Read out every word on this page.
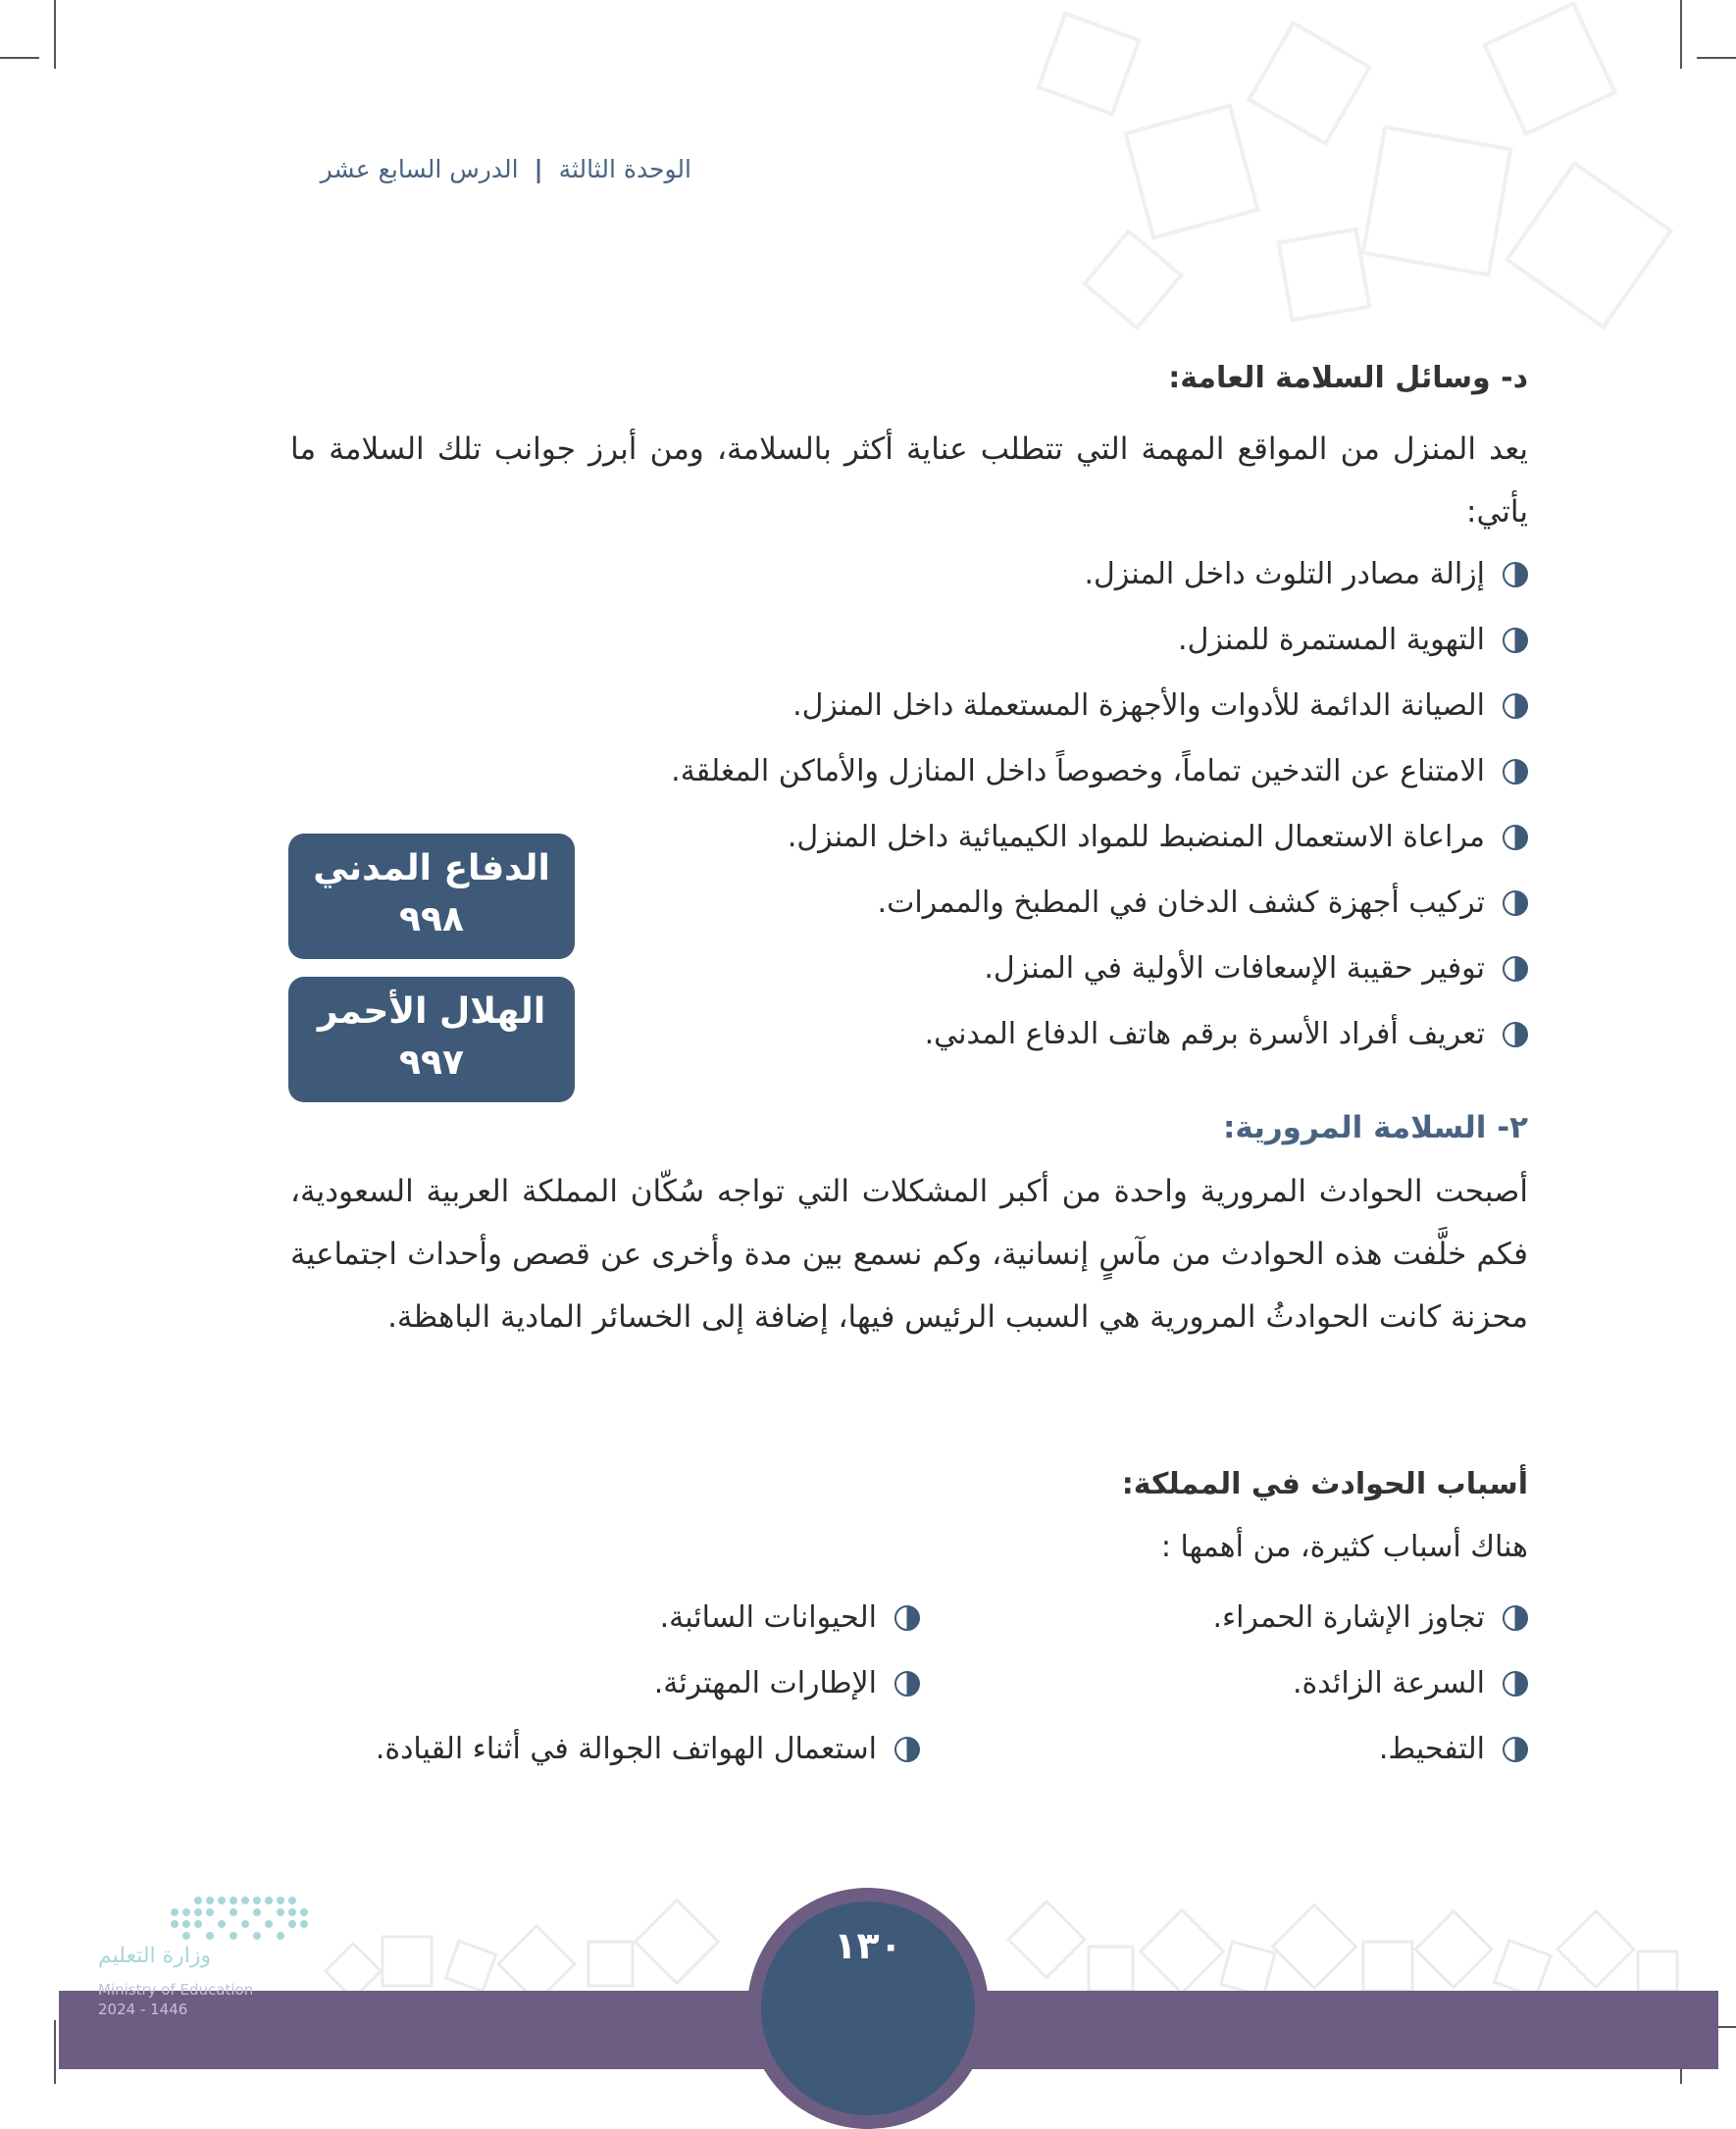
الوحدة الثالثة | الدرس السابع عشر
د- وسائل السلامة العامة:
يعد المنزل من المواقع المهمة التي تتطلب عناية أكثر بالسلامة، ومن أبرز جوانب تلك السلامة ما يأتي:
إزالة مصادر التلوث داخل المنزل.
التهوية المستمرة للمنزل.
الصيانة الدائمة للأدوات والأجهزة المستعملة داخل المنزل.
الامتناع عن التدخين تماماً، وخصوصاً داخل المنازل والأماكن المغلقة.
مراعاة الاستعمال المنضبط للمواد الكيميائية داخل المنزل.
تركيب أجهزة كشف الدخان في المطبخ والممرات.
توفير حقيبة الإسعافات الأولية في المنزل.
تعريف أفراد الأسرة برقم هاتف الدفاع المدني.
الدفاع المدني
٩٩٨
الهلال الأحمر
٩٩٧
٢- السلامة المرورية:
أصبحت الحوادث المرورية واحدة من أكبر المشكلات التي تواجه سُكّان المملكة العربية السعودية، فكم خلَّفت هذه الحوادث من مآسٍ إنسانية، وكم نسمع بين مدة وأخرى عن قصص وأحداث اجتماعية محزنة كانت الحوادثُ المرورية هي السبب الرئيس فيها، إضافة إلى الخسائر المادية الباهظة.
أسباب الحوادث في المملكة:
هناك أسباب كثيرة، من أهمها :
تجاوز الإشارة الحمراء.
السرعة الزائدة.
التفحيط.
الحيوانات السائبة.
الإطارات المهترئة.
استعمال الهواتف الجوالة في أثناء القيادة.
١٣٠
وزارة التعليم
Ministry of Education
2024 - 1446
